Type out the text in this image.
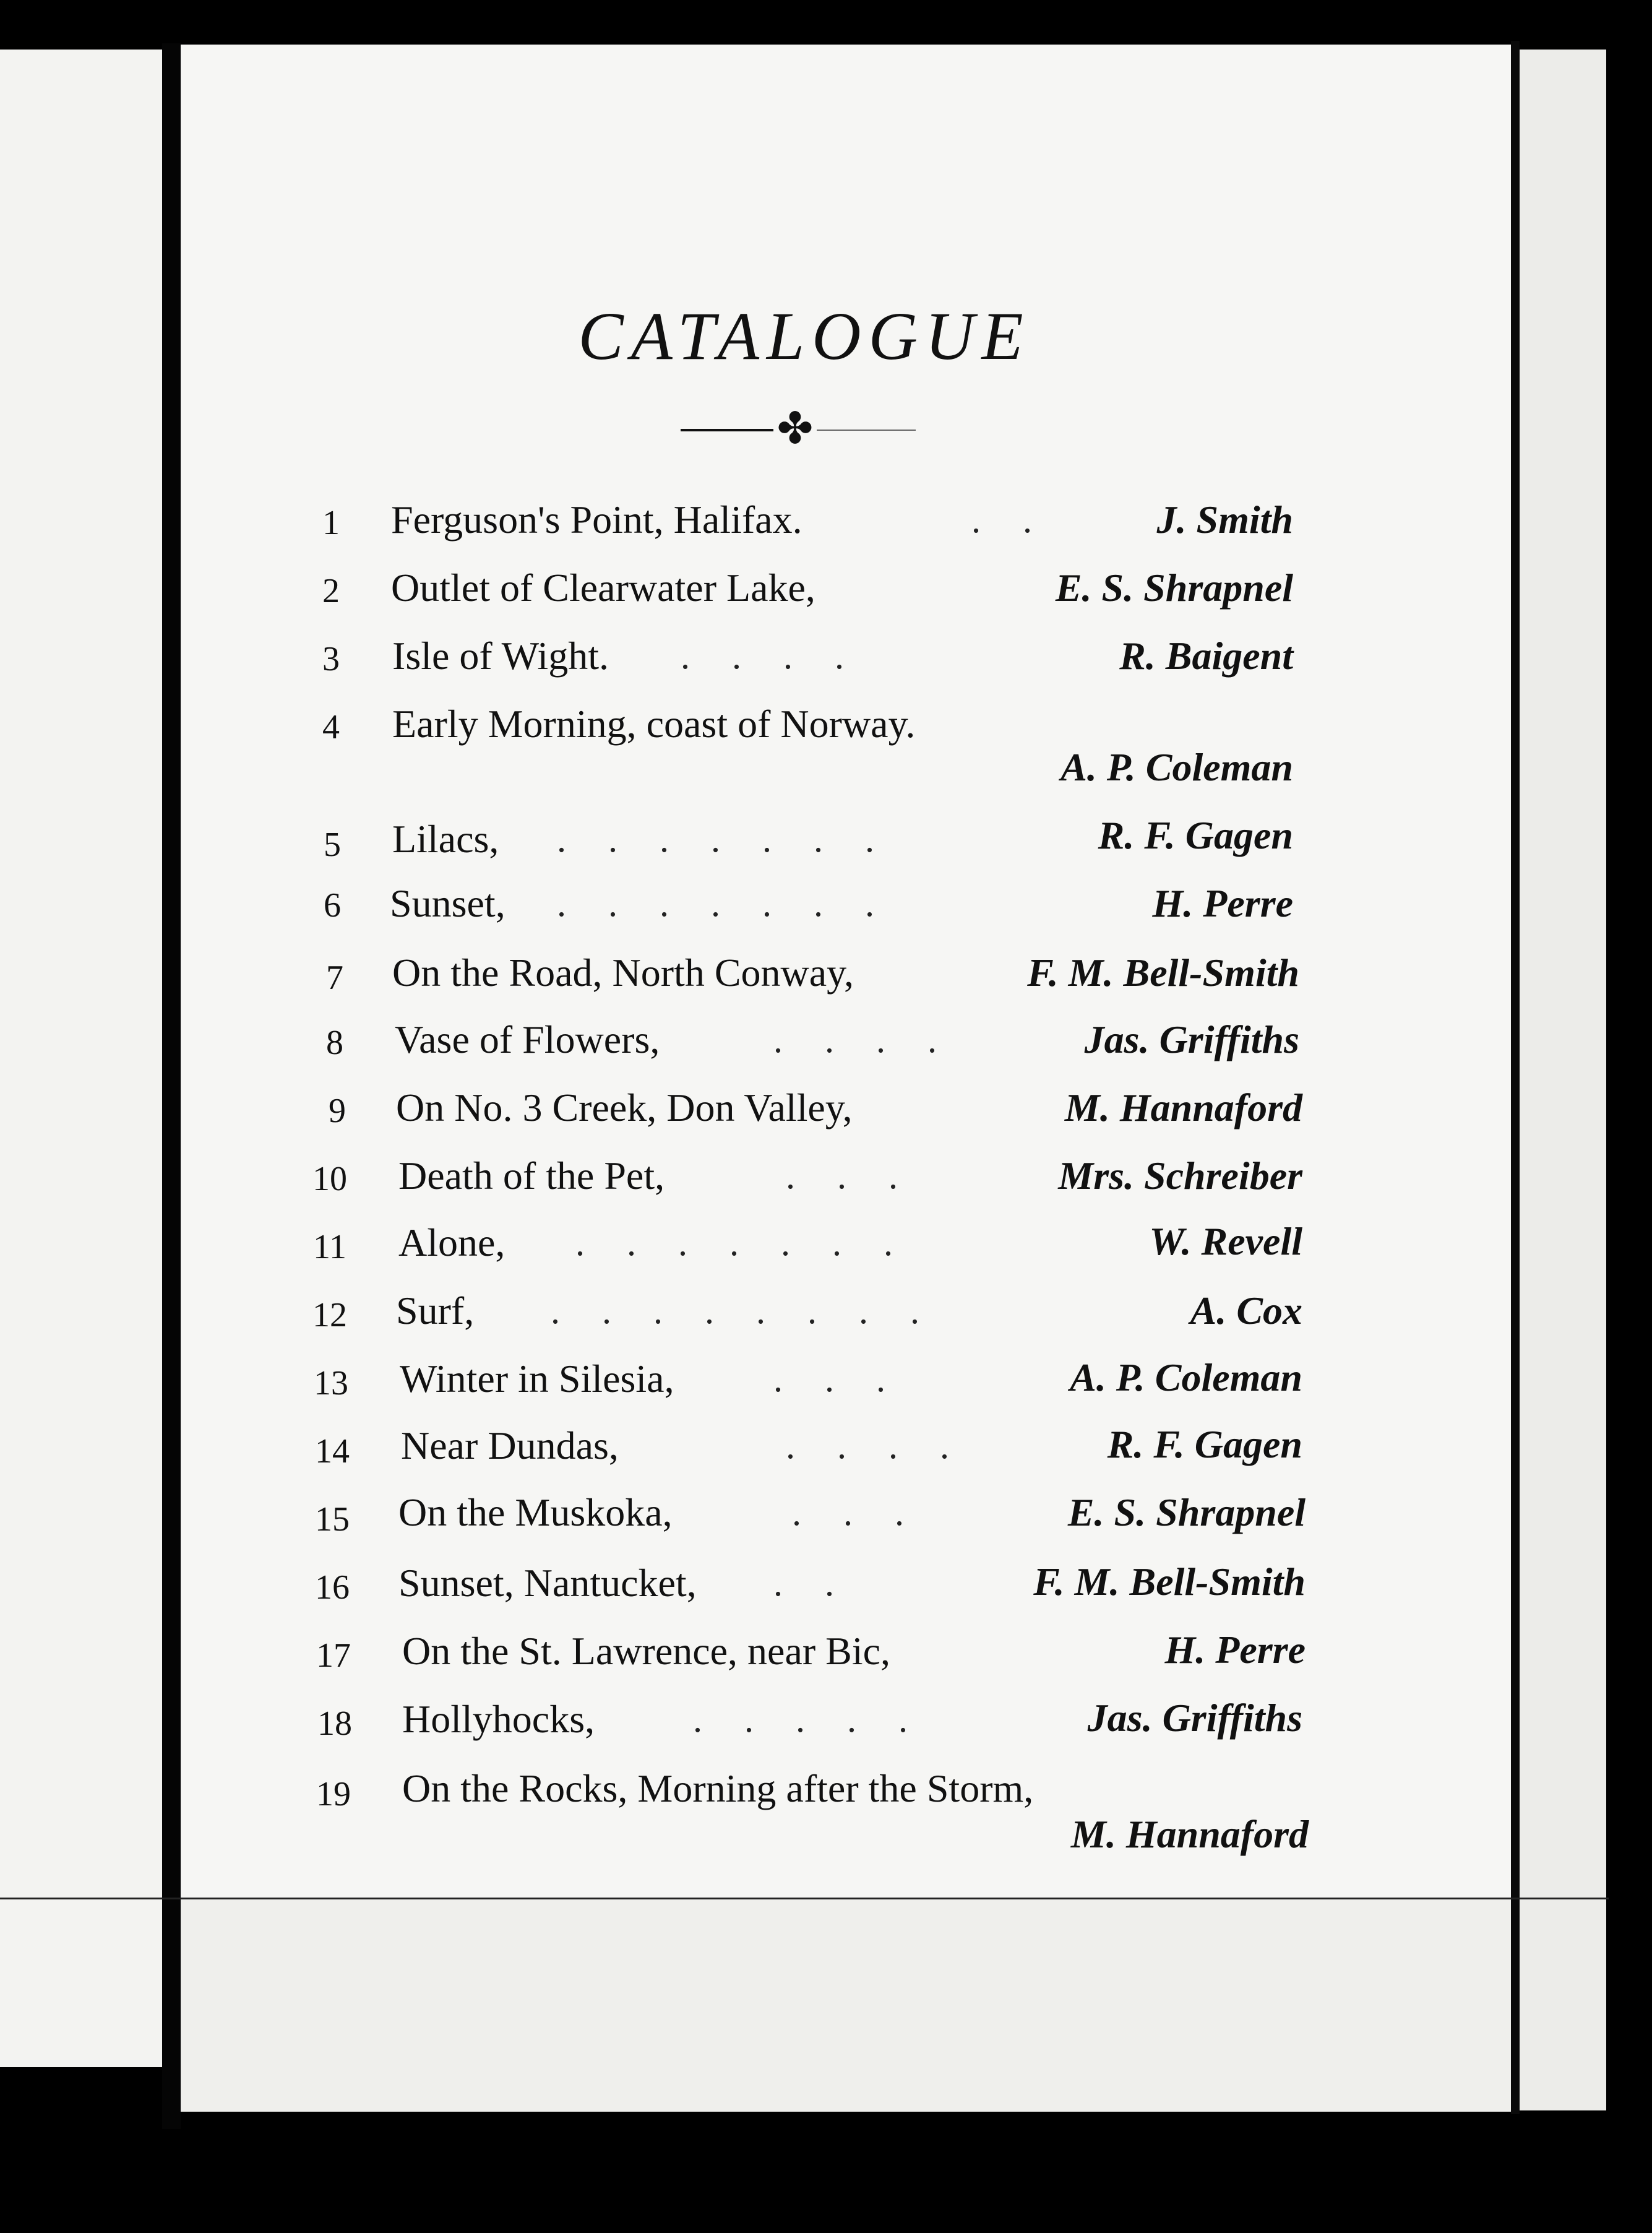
CATALOGUE
✤
1	Ferguson's Point, Halifax.	.. J. Smith
2	Outlet of Clearwater Lake,	E. S. Shrapnel
3	Isle of Wight. ....	R. Baigent
4	Early Morning, coast of Norway.
A. P. Coleman
5	Lilacs, .......	R. F. Gagen
6	Sunset, .......	H. Perre
7	On the Road, North Conway,	F. M. Bell-Smith
8	Vase of Flowers,	....	Jas. Griffiths
9	On No. 3 Creek, Don Valley,	M. Hannaford
10	Death of the Pet,	...	Mrs. Schreiber
11	Alone, .......	W. Revell
12	Surf, ........	A. Cox
13	Winter in Silesia,	...	A. P. Coleman
14	Near Dundas,	....	R. F. Gagen
15	On the Muskoka,	...	E. S. Shrapnel
16	Sunset, Nantucket, ..	F. M. Bell-Smith
17	On the St. Lawrence, near Bic,	H. Perre
18	Hollyhocks,	.....	Jas. Griffiths
19	On the Rocks, Morning after the Storm,
M. Hannaford
